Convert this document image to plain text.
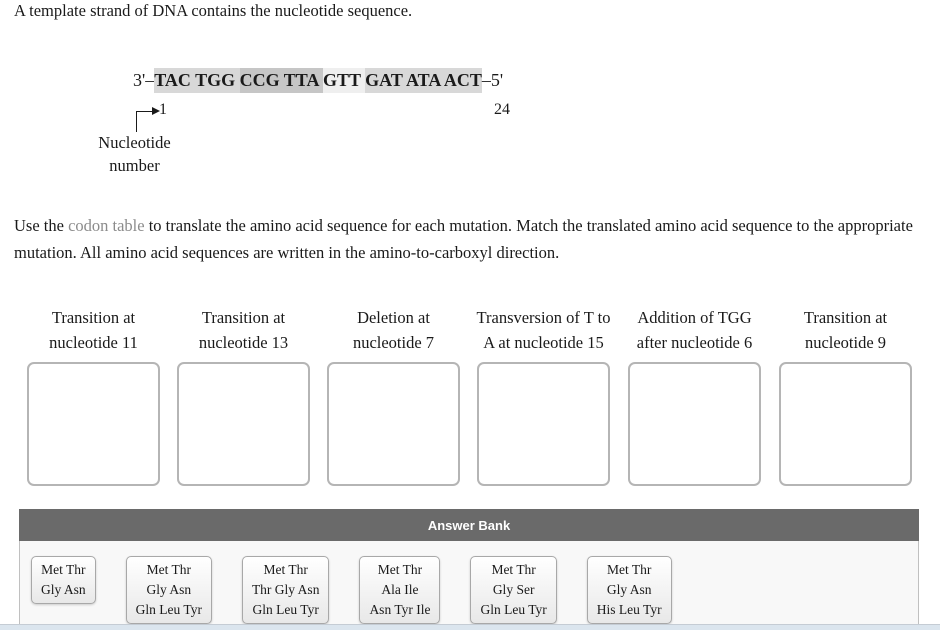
A template strand of DNA contains the nucleotide sequence.
3'–TAC TGG CCG TTA GTT GAT ATA ACT–5'
1	24
Nucleotide
number
Use the codon table to translate the amino acid sequence for each mutation. Match the translated amino acid sequence to the appropriate mutation. All amino acid sequences are written in the amino-to-carboxyl direction.
Transition at
nucleotide 11
Transition at
nucleotide 13
Deletion at
nucleotide 7
Transversion of T to
A at nucleotide 15
Addition of TGG
after nucleotide 6
Transition at
nucleotide 9
Answer Bank
Met Thr
Gly Asn
Met Thr
Gly Asn
Gln Leu Tyr
Met Thr
Thr Gly Asn
Gln Leu Tyr
Met Thr
Ala Ile
Asn Tyr Ile
Met Thr
Gly Ser
Gln Leu Tyr
Met Thr
Gly Asn
His Leu Tyr
